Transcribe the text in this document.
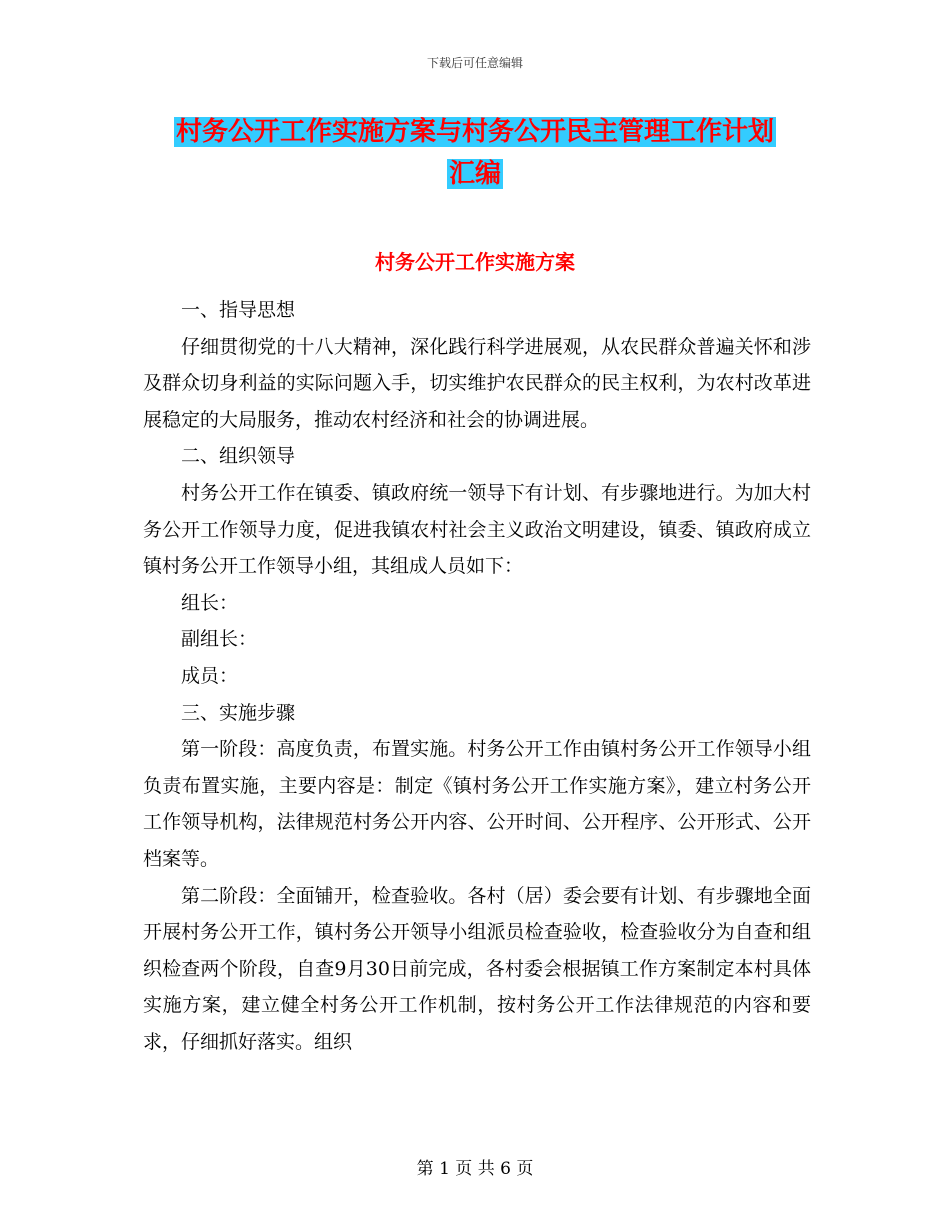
下载后可任意编辑
村务公开工作实施方案与村务公开民主管理工作计划
汇编
村务公开工作实施方案

一、指导思想

仔细贯彻党的十八大精神，深化践行科学进展观，从农民群众普遍关怀和涉及群众切身利益的实际问题入手，切实维护农民群众的民主权利，为农村改革进展稳定的大局服务，推动农村经济和社会的协调进展。

二、组织领导

村务公开工作在镇委、镇政府统一领导下有计划、有步骤地进行。为加大村务公开工作领导力度，促进我镇农村社会主义政治文明建设，镇委、镇政府成立镇村务公开工作领导小组，其组成人员如下：

组长：

副组长：

成员：

三、实施步骤

第一阶段：高度负责，布置实施。村务公开工作由镇村务公开工作领导小组负责布置实施，主要内容是：制定《镇村务公开工作实施方案》，建立村务公开工作领导机构，法律规范村务公开内容、公开时间、公开程序、公开形式、公开档案等。

第二阶段：全面铺开，检查验收。各村（居）委会要有计划、有步骤地全面开展村务公开工作，镇村务公开领导小组派员检查验收，检查验收分为自查和组织检查两个阶段，自查9月30日前完成，各村委会根据镇工作方案制定本村具体实施方案，建立健全村务公开工作机制，按村务公开工作法律规范的内容和要求，仔细抓好落实。组织

第 1 页 共 6 页
